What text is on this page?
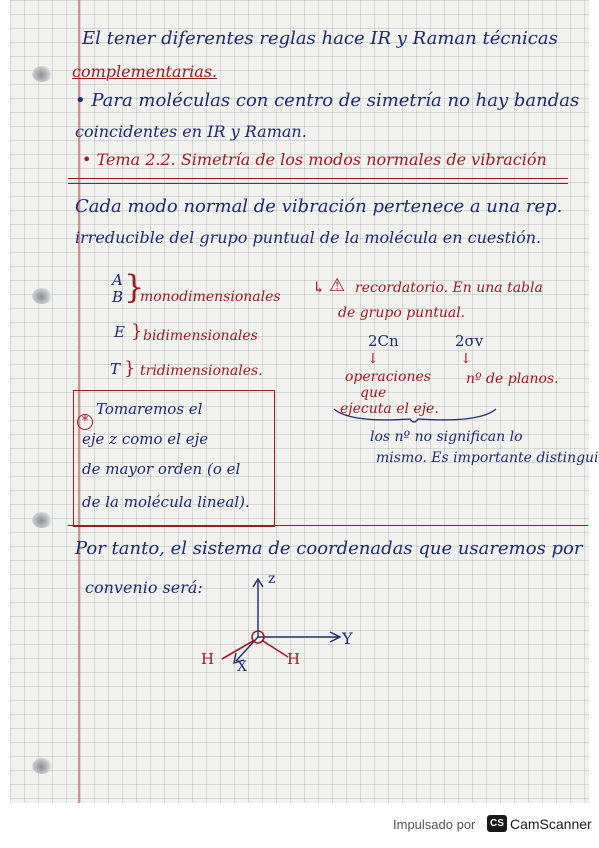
El tener diferentes reglas hace IR y Raman técnicas
complementarias.
• Para moléculas con centro de simetría no hay bandas
coincidentes en IR y Raman.
• Tema 2.2. Simetría de los modos normales de vibración
Cada modo normal de vibración pertenece a una rep.
irreducible del grupo puntual de la molécula en cuestión.
A
B }
monodimensionales
E } bidimensionales
T } tridimensionales.
↳ ⚠ recordatorio. En una tabla
de grupo puntual.
2Cn	2σv
↓	↓
operaciones
que
ejecuta el eje.
nº de planos.
los nº no significan lo
mismo. Es importante distingui
*
Tomaremos el
eje z como el eje
de mayor orden (o el
de la molécula lineal).
Por tanto, el sistema de coordenadas que usaremos por
convenio será:	z
Y
X
H	H
Impulsado por	CS CamScanner
